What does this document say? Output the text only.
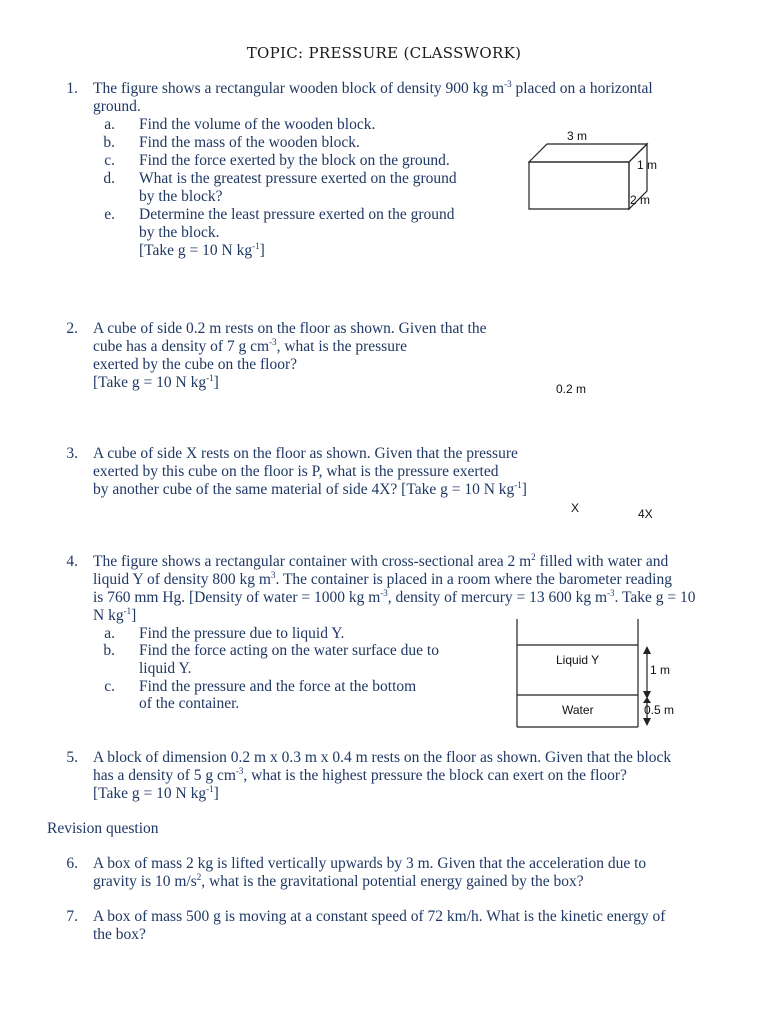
TOPIC: PRESSURE (CLASSWORK)
1. The figure shows a rectangular wooden block of density 900 kg $m^{-3}$ placed on a horizontal
ground.
a. Find the volume of the wooden block.
b. Find the mass of the wooden block.
c. Find the force exerted by the block on the ground.
d. What is the greatest pressure exerted on the ground
by the block?
e. Determine the least pressure exerted on the ground
by the block.
[Take g = 10 N $kg^{-1}$]
3 m
1 m
2 m
2. A cube of side 0.2 m rests on the floor as shown. Given that the
cube has a density of 7 g $cm^{-3}$, what is the pressure
exerted by the cube on the floor?
[Take g = 10 N $kg^{-1}$]	0.2 m
3. A cube of side X rests on the floor as shown. Given that the pressure
exerted by this cube on the floor is P, what is the pressure exerted
by another cube of the same material of side 4X? [Take g = 10 N $kg^{-1}$]
X	4X
4. The figure shows a rectangular container with cross-sectional area 2 $m^2$ filled with water and
liquid Y of density 800 kg $m^3$. The container is placed in a room where the barometer reading
is 760 mm Hg. [Density of water = 1000 kg $m^{-3}$, density of mercury = 13 600 kg $m^{-3}$. Take g = 10
N $kg^{-1}$]
a. Find the pressure due to liquid Y.
b. Find the force acting on the water surface due to
liquid Y.
c. Find the pressure and the force at the bottom
of the container.
Liquid Y
Water
1 m
0.5 m
5. A block of dimension 0.2 m x 0.3 m x 0.4 m rests on the floor as shown. Given that the block
has a density of 5 g $cm^{-3}$, what is the highest pressure the block can exert on the floor?
[Take g = 10 N $kg^{-1}$]
Revision question
6. A box of mass 2 kg is lifted vertically upwards by 3 m. Given that the acceleration due to
gravity is 10 $m/s^2$, what is the gravitational potential energy gained by the box?
7. A box of mass 500 g is moving at a constant speed of 72 km/h. What is the kinetic energy of
the box?
